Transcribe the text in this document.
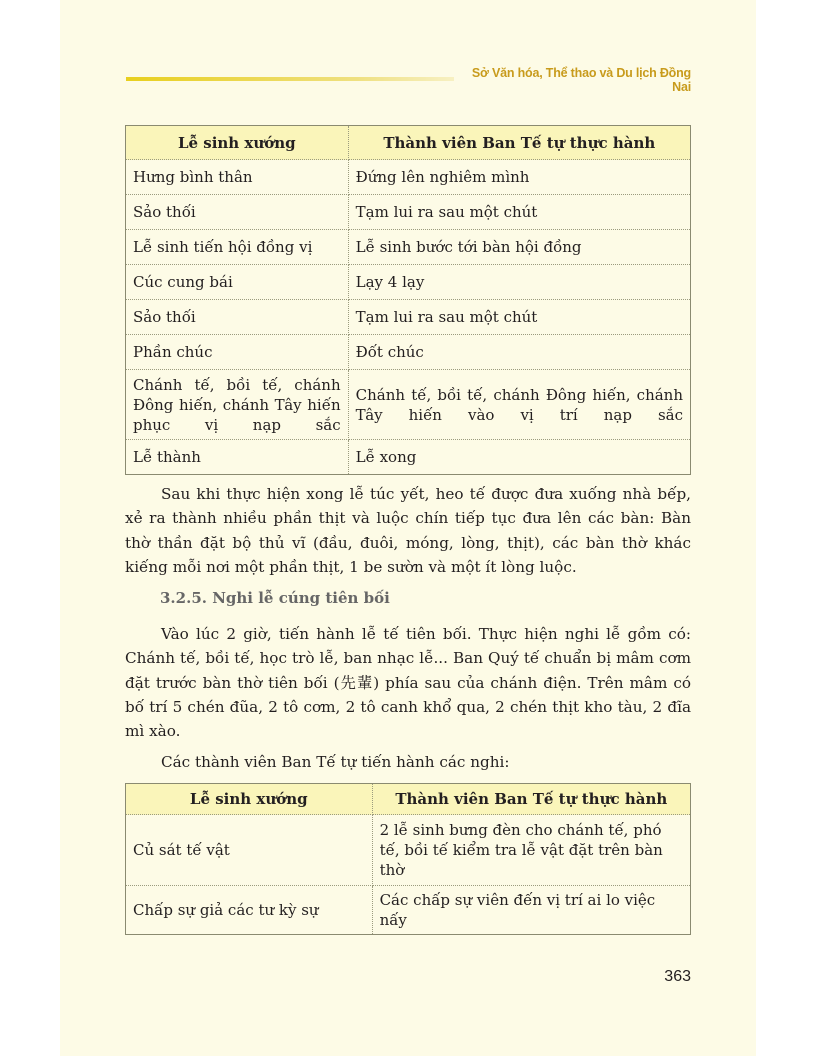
Sở Văn hóa, Thể thao và Du lịch Đồng Nai
Lễ sinh xướng	Thành viên Ban Tế tự thực hành
Hưng bình thân	Đứng lên nghiêm mình
Sảo thối	Tạm lui ra sau một chút
Lễ sinh tiến hội đồng vị	Lễ sinh bước tới bàn hội đồng
Cúc cung bái	Lạy 4 lạy
Sảo thối	Tạm lui ra sau một chút
Phần chúc	Đốt chúc
Chánh tế, bồi tế, chánh Đông hiến, chánh Tây hiến phục vị nạp sắc	Chánh tế, bồi tế, chánh Đông hiến, chánh Tây hiến vào vị trí nạp sắc
Lễ thành	Lễ xong

Sau khi thực hiện xong lễ túc yết, heo tế được đưa xuống nhà bếp, xẻ ra thành nhiều phần thịt và luộc chín tiếp tục đưa lên các bàn: Bàn thờ thần đặt bộ thủ vĩ (đầu, đuôi, móng, lòng, thịt), các bàn thờ khác kiếng mỗi nơi một phần thịt, 1 be sườn và một ít lòng luộc.

3.2.5. Nghi lễ cúng tiên bối

Vào lúc 2 giờ, tiến hành lễ tế tiên bối. Thực hiện nghi lễ gồm có: Chánh tế, bồi tế, học trò lễ, ban nhạc lễ... Ban Quý tế chuẩn bị mâm cơm đặt trước bàn thờ tiên bối (先輩) phía sau của chánh điện. Trên mâm có bố trí 5 chén đũa, 2 tô cơm, 2 tô canh khổ qua, 2 chén thịt kho tàu, 2 đĩa mì xào.

Các thành viên Ban Tế tự tiến hành các nghi:

Lễ sinh xướng	Thành viên Ban Tế tự thực hành
Củ sát tế vật	2 lễ sinh bưng đèn cho chánh tế, phó tế, bồi tế kiểm tra lễ vật đặt trên bàn thờ
Chấp sự giả các tư kỳ sự	Các chấp sự viên đến vị trí ai lo việc nấy
363
